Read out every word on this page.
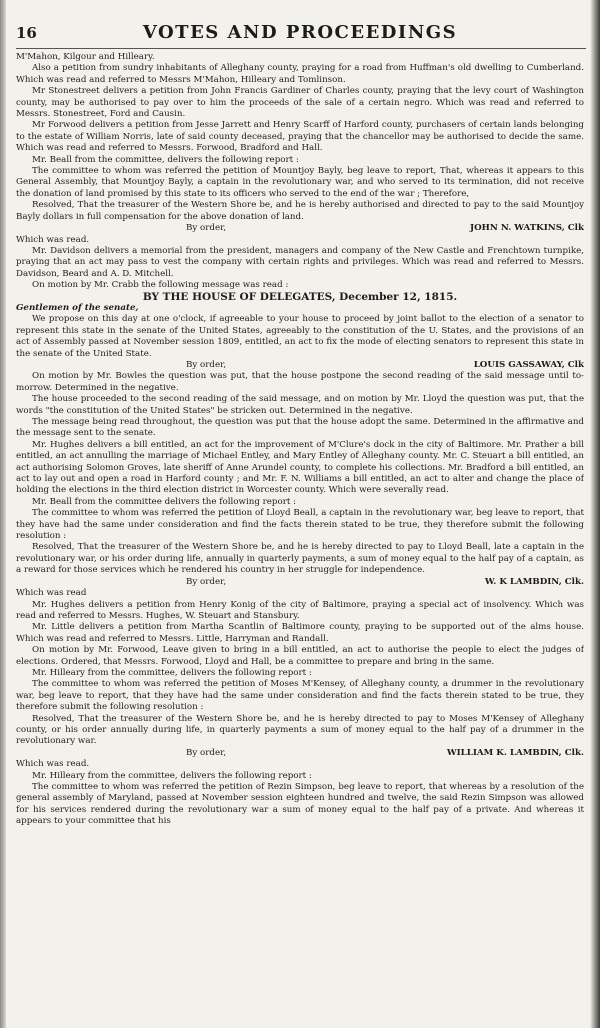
16	VOTES AND PROCEEDINGS

M'Mahon, Kilgour and Hilleary.

Also a petition from sundry inhabitants of Alleghany county, praying for a road from Huffman's old dwelling to Cumberland. Which was read and referred to Messrs M'Mahon, Hilleary and Tomlinson.

Mr Stonestreet delivers a petition from John Francis Gardiner of Charles county, praying that the levy court of Washington county, may be authorised to pay over to him the proceeds of the sale of a certain negro. Which was read and referred to Messrs. Stonestreet, Ford and Causin.

Mr Forwood delivers a petition from Jesse Jarrett and Henry Scarff of Harford county, purchasers of certain lands belonging to the estate of William Norris, late of said county deceased, praying that the chancellor may be authorised to decide the same. Which was read and referred to Messrs. Forwood, Bradford and Hall.

Mr. Beall from the committee, delivers the following report :

The committee to whom was referred the petition of Mountjoy Bayly, beg leave to report, That, whereas it appears to this General Assembly, that Mountjoy Bayly, a captain in the revolutionary war, and who served to its termination, did not receive the donation of land promised by this state to its officers who served to the end of the war ; Therefore,

Resolved, That the treasurer of the Western Shore be, and he is hereby authorised and directed to pay to the said Mountjoy Bayly dollars in full compensation for the above donation of land.

By order,	JOHN N. WATKINS, Clk

Which was read.

Mr. Davidson delivers a memorial from the president, managers and company of the New Castle and Frenchtown turnpike, praying that an act may pass to vest the company with certain rights and privileges. Which was read and referred to Messrs. Davidson, Beard and A. D. Mitchell.

On motion by Mr. Crabb the following message was read :

BY THE HOUSE OF DELEGATES, December 12, 1815.

Gentlemen of the senate,

We propose on this day at one o'clock, if agreeable to your house to proceed by joint ballot to the election of a senator to represent this state in the senate of the United States, agreeably to the constitution of the U. States, and the provisions of an act of Assembly passed at November session 1809, entitled, an act to fix the mode of electing senators to represent this state in the senate of the United State.

By order,	LOUIS GASSAWAY, Clk

On motion by Mr. Bowles the question was put, that the house postpone the second reading of the said message until to-morrow. Determined in the negative.

The house proceeded to the second reading of the said message, and on motion by Mr. Lloyd the question was put, that the words "the constitution of the United States" be stricken out. Determined in the negative.

The message being read throughout, the question was put that the house adopt the same. Determined in the affirmative and the message sent to the senate.

Mr. Hughes delivers a bill entitled, an act for the improvement of M'Clure's dock in the city of Baltimore. Mr. Prather a bill entitled, an act annulling the marriage of Michael Entley, and Mary Entley of Alleghany county. Mr. C. Steuart a bill entitled, an act authorising Solomon Groves, late sheriff of Anne Arundel county, to complete his collections. Mr. Bradford a bill entitled, an act to lay out and open a road in Harford county ; and Mr. F. N. Williams a bill entitled, an act to alter and change the place of holding the elections in the third election district in Worcester county. Which were severally read.

Mr. Beall from the committee delivers the following report :

The committee to whom was referred the petition of Lloyd Beall, a captain in the revolutionary war, beg leave to report, that they have had the same under consideration and find the facts therein stated to be true, they therefore submit the following resolution :

Resolved, That the treasurer of the Western Shore be, and he is hereby directed to pay to Lloyd Beall, late a captain in the revolutionary war, or his order during life, annually in quarterly payments, a sum of money equal to the half pay of a captain, as a reward for those services which he rendered his country in her struggle for independence.

By order,	W. K LAMBDIN, Clk.

Which was read

Mr. Hughes delivers a petition from Henry Konig of the city of Baltimore, praying a special act of insolvency. Which was read and referred to Messrs. Hughes, W. Steuart and Stansbury.

Mr. Little delivers a petition from Martha Scantlin of Baltimore county, praying to be supported out of the alms house. Which was read and referred to Messrs. Little, Harryman and Randall.

On motion by Mr. Forwood, Leave given to bring in a bill entitled, an act to authorise the people to elect the judges of elections. Ordered, that Messrs. Forwood, Lloyd and Hall, be a committee to prepare and bring in the same.

Mr. Hilleary from the committee, delivers the following report :

The committee to whom was referred the petition of Moses M'Kensey, of Alleghany county, a drummer in the revolutionary war, beg leave to report, that they have had the same under consideration and find the facts therein stated to be true, they therefore submit the following resolution :

Resolved, That the treasurer of the Western Shore be, and he is hereby directed to pay to Moses M'Kensey of Alleghany county, or his order annually during life, in quarterly payments a sum of money equal to the half pay of a drummer in the revolutionary war.

By order,	WILLIAM K. LAMBDIN, Clk.

Which was read.

Mr. Hilleary from the committee, delivers the following report :

The committee to whom was referred the petition of Rezin Simpson, beg leave to report, that whereas by a resolution of the general assembly of Maryland, passed at November session eighteen hundred and twelve, the said Rezin Simpson was allowed for his services rendered during the revolutionary war a sum of money equal to the half pay of a private. And whereas it appears to your committee that his
